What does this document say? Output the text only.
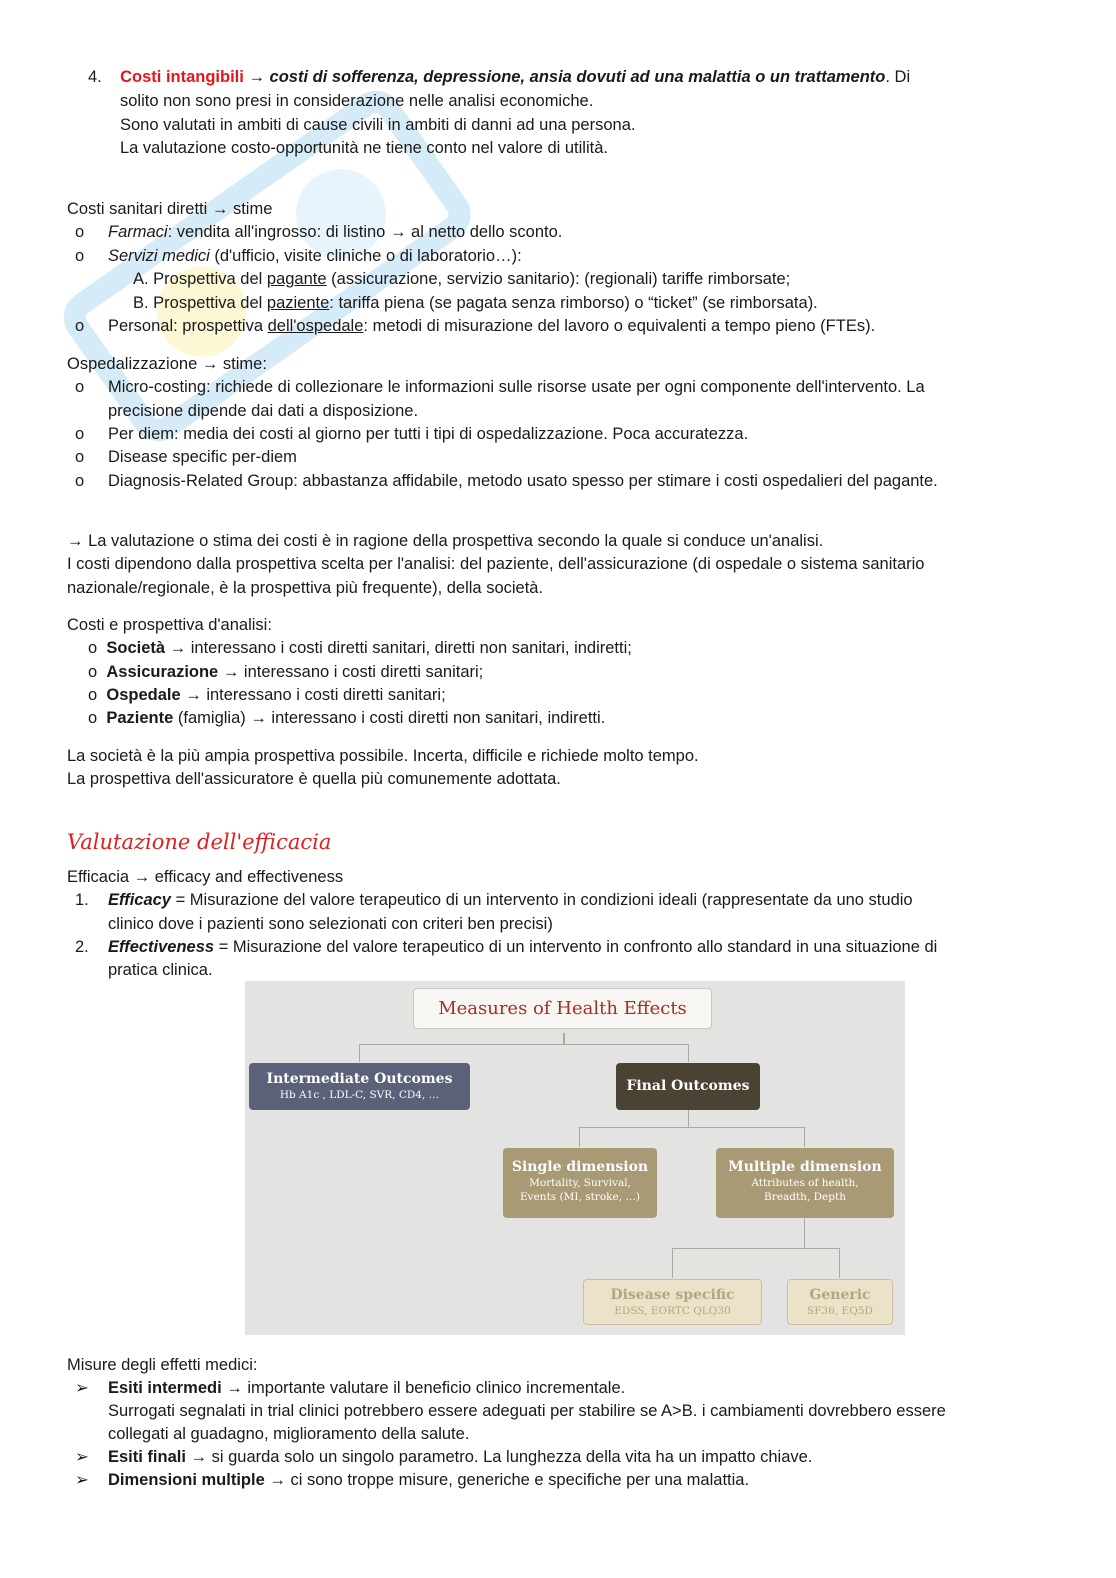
4. Costi intangibili → costi di sofferenza, depressione, ansia dovuti ad una malattia o un trattamento. Di
solito non sono presi in considerazione nelle analisi economiche.
Sono valutati in ambiti di cause civili in ambiti di danni ad una persona.
La valutazione costo-opportunità ne tiene conto nel valore di utilità.
Costi sanitari diretti → stime
o Farmaci: vendita all'ingrosso: di listino → al netto dello sconto.
o Servizi medici (d'ufficio, visite cliniche o di laboratorio…):
A. Prospettiva del pagante (assicurazione, servizio sanitario): (regionali) tariffe rimborsate;
B. Prospettiva del paziente: tariffa piena (se pagata senza rimborso) o “ticket” (se rimborsata).
o Personal: prospettiva dell'ospedale: metodi di misurazione del lavoro o equivalenti a tempo pieno (FTEs).
Ospedalizzazione → stime:
o Micro-costing: richiede di collezionare le informazioni sulle risorse usate per ogni componente dell'intervento. La
precisione dipende dai dati a disposizione.
o Per diem: media dei costi al giorno per tutti i tipi di ospedalizzazione. Poca accuratezza.
o Disease specific per-diem
o Diagnosis-Related Group: abbastanza affidabile, metodo usato spesso per stimare i costi ospedalieri del pagante.
→ La valutazione o stima dei costi è in ragione della prospettiva secondo la quale si conduce un'analisi.
I costi dipendono dalla prospettiva scelta per l'analisi: del paziente, dell'assicurazione (di ospedale o sistema sanitario
nazionale/regionale, è la prospettiva più frequente), della società.
Costi e prospettiva d'analisi:
o  Società → interessano i costi diretti sanitari, diretti non sanitari, indiretti;
o  Assicurazione → interessano i costi diretti sanitari;
o  Ospedale → interessano i costi diretti sanitari;
o  Paziente (famiglia) → interessano i costi diretti non sanitari, indiretti.
La società è la più ampia prospettiva possibile. Incerta, difficile e richiede molto tempo.
La prospettiva dell'assicuratore è quella più comunemente adottata.
Valutazione dell'efficacia
Efficacia → efficacy and effectiveness
1. Efficacy = Misurazione del valore terapeutico di un intervento in condizioni ideali (rappresentate da uno studio
clinico dove i pazienti sono selezionati con criteri ben precisi)
2. Effectiveness = Misurazione del valore terapeutico di un intervento in confronto allo standard in una situazione di
pratica clinica.
Measures of Health Effects
Intermediate Outcomes
Hb A1c , LDL-C, SVR, CD4, …
Final Outcomes
Single dimension
Mortality, Survival,
Events (MI, stroke, …)
Multiple dimension
Attributes of health,
Breadth, Depth
Disease specific
EDSS, EORTC QLQ30
Generic
SF36, EQ5D
Misure degli effetti medici:
➢ Esiti intermedi → importante valutare il beneficio clinico incrementale.
Surrogati segnalati in trial clinici potrebbero essere adeguati per stabilire se A>B. i cambiamenti dovrebbero essere
collegati al guadagno, miglioramento della salute.
➢ Esiti finali → si guarda solo un singolo parametro. La lunghezza della vita ha un impatto chiave.
➢ Dimensioni multiple → ci sono troppe misure, generiche e specifiche per una malattia.
